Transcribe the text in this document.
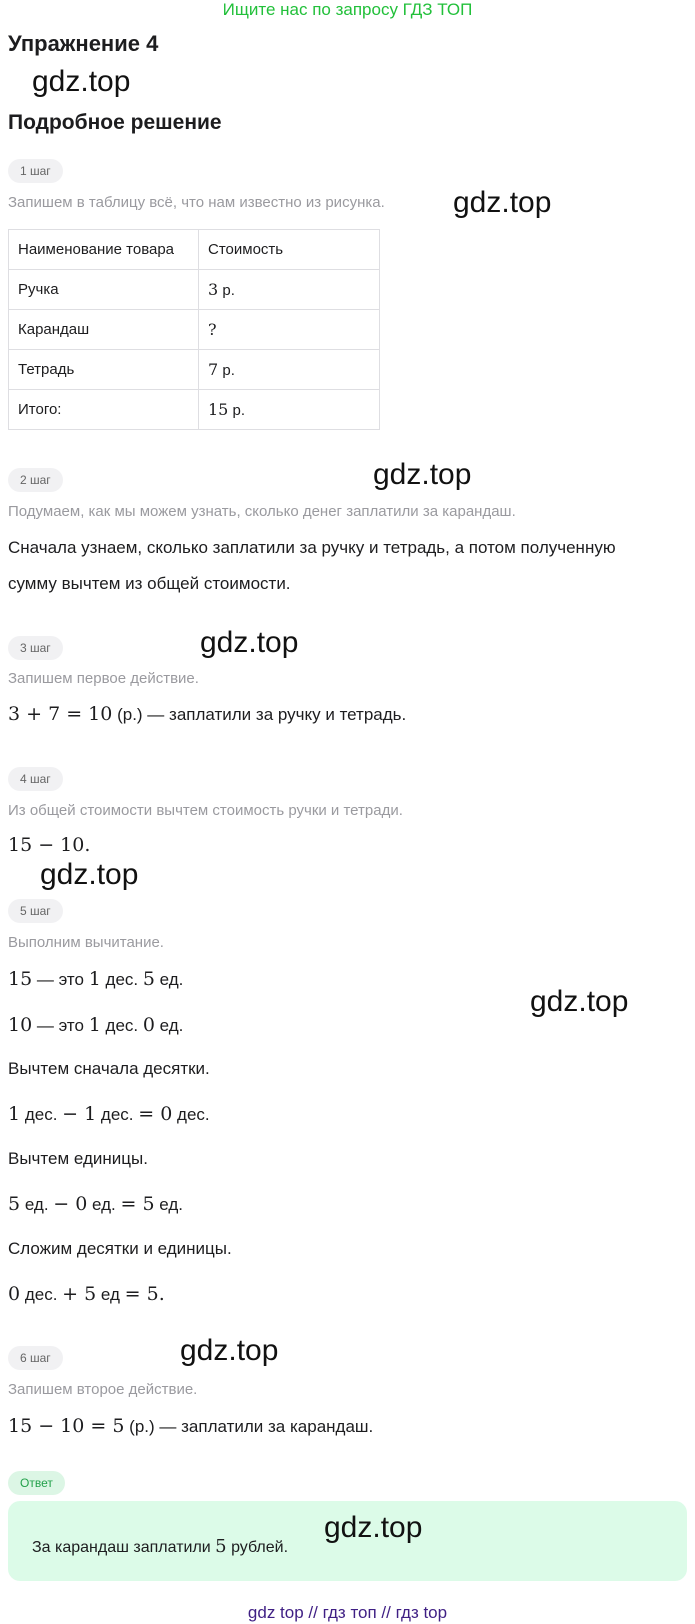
Ищите нас по запросу ГДЗ ТОП
Упражнение 4
gdz.top
Подробное решение
1 шаг
Запишем в таблицу всё, что нам известно из рисунка. gdz.top
Наименование товара	Стоимость
Ручка	3 р.
Карандаш	?
Тетрадь	7 р.
Итого:	15 р.
2 шаг	gdz.top
Подумаем, как мы можем узнать, сколько денег заплатили за карандаш.
Сначала узнаем, сколько заплатили за ручку и тетрадь, а потом полученную
сумму вычтем из общей стоимости.
3 шаг	gdz.top
Запишем первое действие.
3 + 7 = 10 (р.) — заплатили за ручку и тетрадь.
4 шаг
Из общей стоимости вычтем стоимость ручки и тетради.
15 − 10.
gdz.top
5 шаг
Выполним вычитание.
gdz.top
15 — это 1 дес. 5 ед.
10 — это 1 дес. 0 ед.
Вычтем сначала десятки.
1 дес. − 1 дес. = 0 дес.
Вычтем единицы.
5 ед. − 0 ед. = 5 ед.
Сложим десятки и единицы.
0 дес. + 5 ед = 5.
6 шаг	gdz.top
Запишем второе действие.
15 − 10 = 5 (р.) — заплатили за карандаш.
Ответ
За карандаш заплатили 5 рублей.
gdz.top
gdz top // гдз топ // гдз top
